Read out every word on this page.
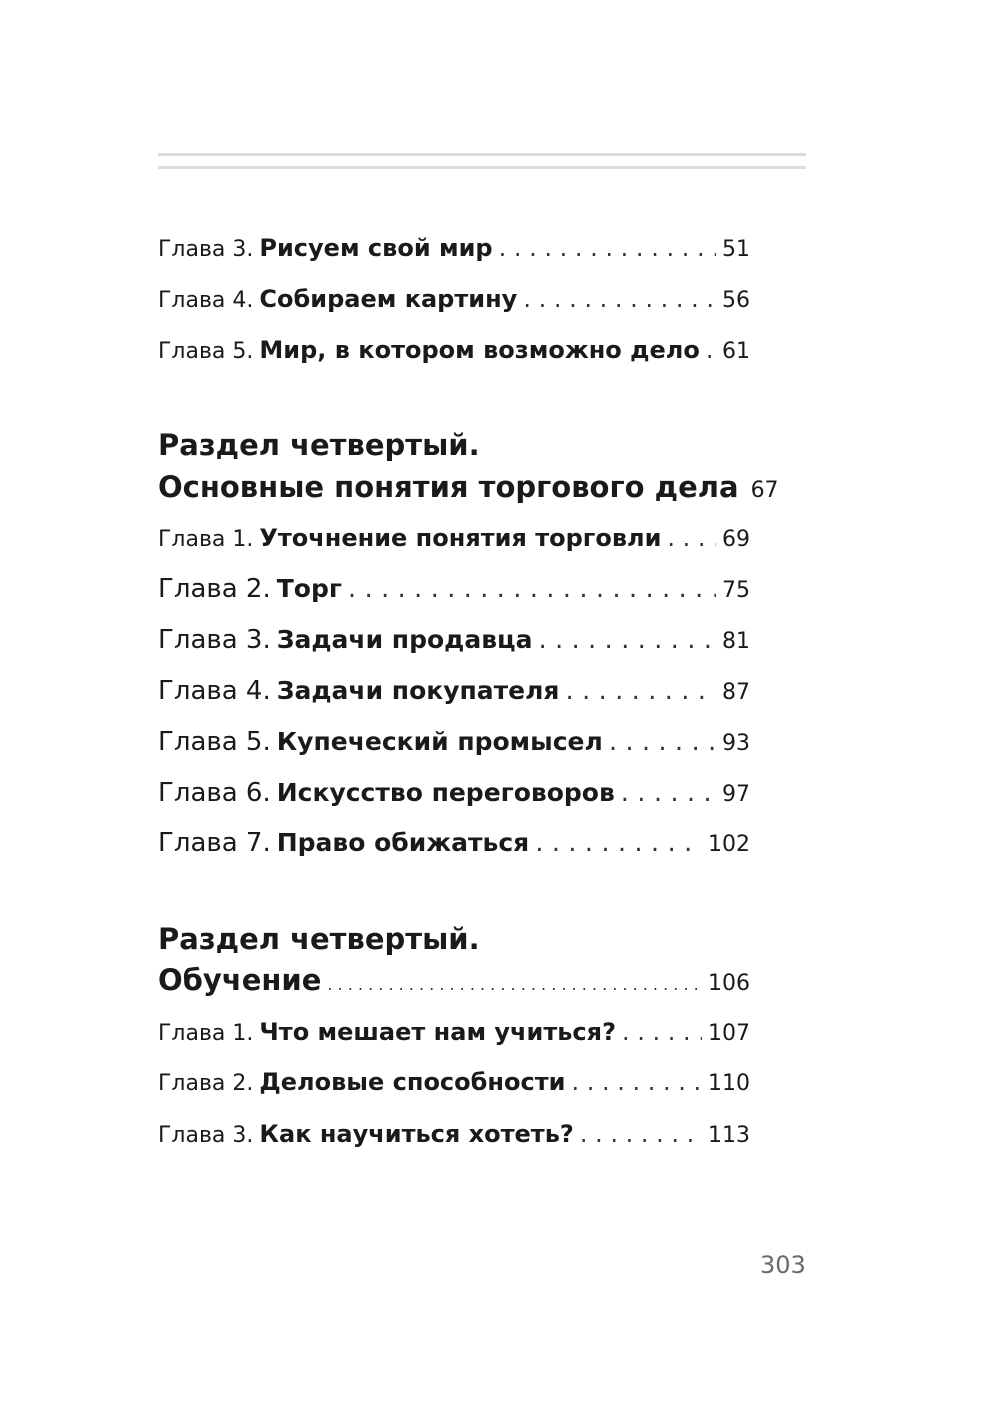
Глава 3. Рисуем свой мир . . .	51
Глава 4. Собираем картину . . .	56
Глава 5. Мир, в котором возможно дело . . . 61
Раздел четвертый.
Основные понятия торгового дела 67
Глава 1. Уточнение понятия торговли . . .	69
Глава 2. Торг . . .	75
Глава 3. Задачи продавца . . .	81
Глава 4. Задачи покупателя . . .	87
Глава 5. Купеческий промысел . . .	93
Глава 6. Искусство переговоров . . .	97
Глава 7. Право обижаться . . .	102
Раздел четвертый.
Обучение . . .	106
Глава 1. Что мешает нам учиться? . . .	107
Глава 2. Деловые способности . . .	110
Глава 3. Как научиться хотеть? . . .	113
303
